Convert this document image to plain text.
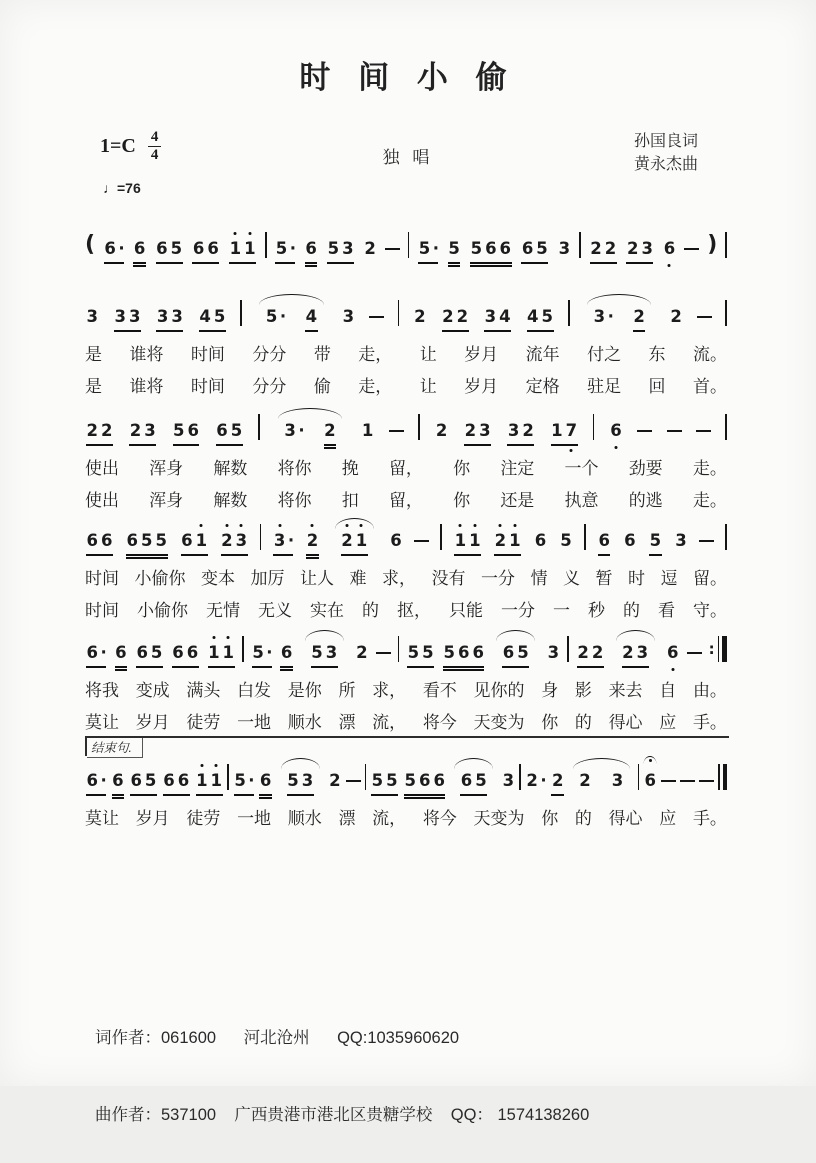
时 间 小 偷
$1=C \frac{4}{4}$	独 唱
孙国良词
黄永杰曲
♩=76
( 6 · 6 6 5 6 6 1 1 5 · 6 5 3 2	5 · 5 5 6 6 6 5 3 2 2 2 3 6 )
3 3 3 3 3 4 5 5 · 4 3	2 2 2 3 4 4 5 3 · 2 2
是 谁将 时间 分分 带 走， 让 岁月 流年 付之 东 流。
是 谁将 时间 分分 偷 走， 让 岁月 定格 驻足 回 首。
2 2 2 3 5 6 6 5	3 · 2 1	2 2 3 3 2 1 7 6
使出 浑身 解数 将你 挽 留， 你 注定 一个 劲要 走。
使出 浑身 解数 将你 扣 留， 你 还是 执意 的逃 走。
6 6 6 5 5 6 1 2 3 3 · 2 2 1 6	1 1 2 1 6 5 6 6 5 3
时间 小偷你 变本 加厉 让人 难 求， 没有 一分 情 义 暂 时 逗 留。
时间 小偷你 无情 无义 实在 的 抠， 只能 一分 一 秒 的 看 守。
6 · 6 6 5 6 6 1 1 5 · 6 5 3 2 5 5 5 6 6 6 5 3 2 2 2 3 6 :
将我 变成 满头 白发 是你 所 求， 看不 见你的 身 影 来去 自 由。
莫让 岁月 徒劳 一地 顺水 漂 流， 将今 天变为 你 的 得心 应 手。
6 · 6 6 5 6 6 1 1 5 · 6 5 3 2 5 5 5 6 6 6 5 3 2 · 2 2 3 6
莫让 岁月 徒劳 一地 顺水 漂 流， 将今 天变为 你 的 得心 应 手。
结束句.

词作者：061600      河北沧州      QQ:1035960620

曲作者：537100    广西贵港市港北区贵糖学校    QQ： 1574138260
